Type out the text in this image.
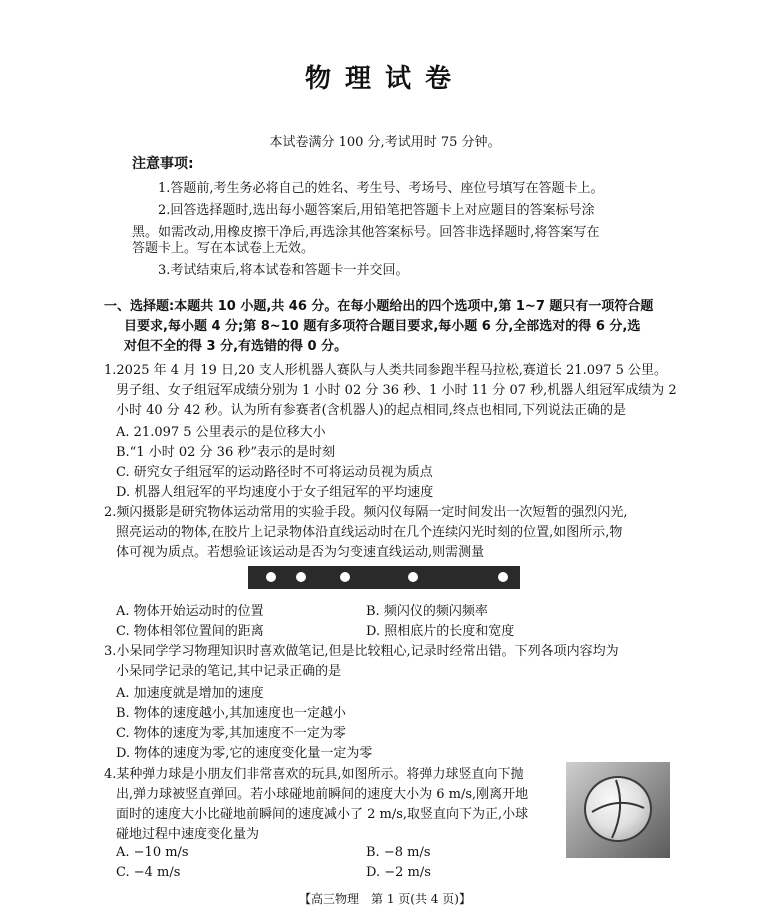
物理试卷
本试卷满分 100 分,考试用时 75 分钟。
注意事项:
1.答题前,考生务必将自己的姓名、考生号、考场号、座位号填写在答题卡上。
2.回答选择题时,选出每小题答案后,用铅笔把答题卡上对应题目的答案标号涂
黑。如需改动,用橡皮擦干净后,再选涂其他答案标号。回答非选择题时,将答案写在
答题卡上。写在本试卷上无效。
3.考试结束后,将本试卷和答题卡一并交回。
一、选择题:本题共 10 小题,共 46 分。在每小题给出的四个选项中,第 1~7 题只有一项符合题
目要求,每小题 4 分;第 8~10 题有多项符合题目要求,每小题 6 分,全部选对的得 6 分,选
对但不全的得 3 分,有选错的得 0 分。
1.2025 年 4 月 19 日,20 支人形机器人赛队与人类共同参跑半程马拉松,赛道长 21.097 5 公里。
男子组、女子组冠军成绩分别为 1 小时 02 分 36 秒、1 小时 11 分 07 秒,机器人组冠军成绩为 2
小时 40 分 42 秒。认为所有参赛者(含机器人)的起点相同,终点也相同,下列说法正确的是
A. 21.097 5 公里表示的是位移大小
B.“1 小时 02 分 36 秒”表示的是时刻
C. 研究女子组冠军的运动路径时不可将运动员视为质点
D. 机器人组冠军的平均速度小于女子组冠军的平均速度
2.频闪摄影是研究物体运动常用的实验手段。频闪仪每隔一定时间发出一次短暂的强烈闪光,
照亮运动的物体,在胶片上记录物体沿直线运动时在几个连续闪光时刻的位置,如图所示,物
体可视为质点。若想验证该运动是否为匀变速直线运动,则需测量
A. 物体开始运动时的位置	B. 频闪仪的频闪频率
C. 物体相邻位置间的距离	D. 照相底片的长度和宽度
3.小呆同学学习物理知识时喜欢做笔记,但是比较粗心,记录时经常出错。下列各项内容均为
小呆同学记录的笔记,其中记录正确的是
A. 加速度就是增加的速度
B. 物体的速度越小,其加速度也一定越小
C. 物体的速度为零,其加速度不一定为零
D. 物体的速度为零,它的速度变化量一定为零
4.某种弹力球是小朋友们非常喜欢的玩具,如图所示。将弹力球竖直向下抛
出,弹力球被竖直弹回。若小球碰地前瞬间的速度大小为 6 m/s,刚离开地
面时的速度大小比碰地前瞬间的速度减小了 2 m/s,取竖直向下为正,小球
碰地过程中速度变化量为
A. −10 m/s	B. −8 m/s
C. −4 m/s	D. −2 m/s
【高三物理　第 1 页(共 4 页)】
